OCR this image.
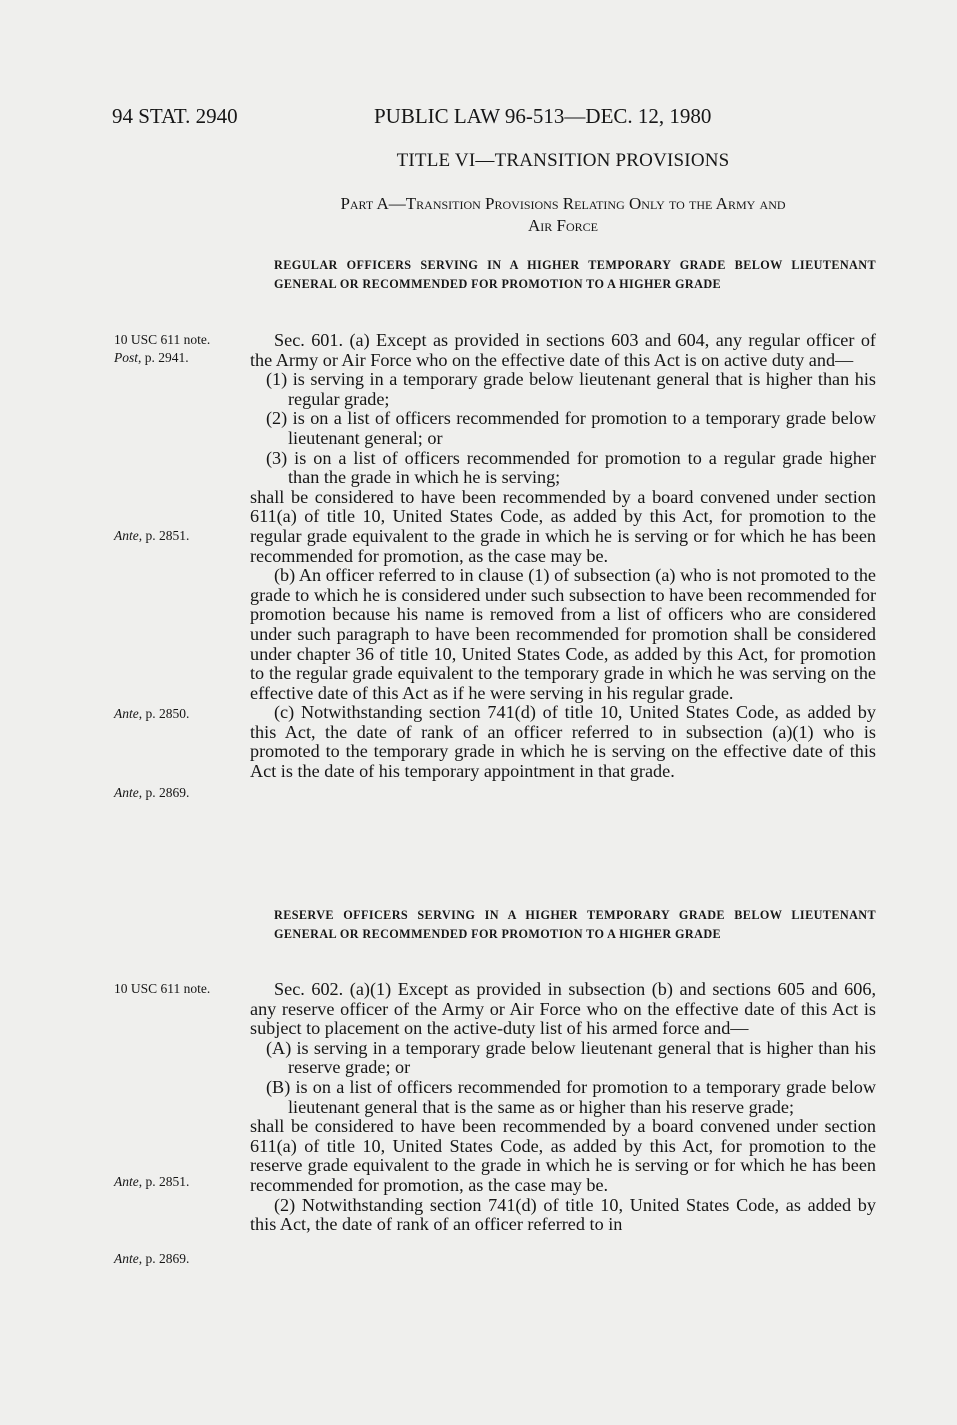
94 STAT. 2940	PUBLIC LAW 96-513—DEC. 12, 1980
TITLE VI—TRANSITION PROVISIONS
Part A—Transition Provisions Relating Only to the Army and
Air Force
REGULAR OFFICERS SERVING IN A HIGHER TEMPORARY GRADE BELOW LIEUTENANT GENERAL OR RECOMMENDED FOR PROMOTION TO A HIGHER GRADE
10 USC 611 note.
Post, p. 2941.

Sec. 601. (a) Except as provided in sections 603 and 604, any regular officer of the Army or Air Force who on the effective date of this Act is on active duty and—

(1) is serving in a temporary grade below lieutenant general that is higher than his regular grade;

(2) is on a list of officers recommended for promotion to a temporary grade below lieutenant general; or

(3) is on a list of officers recommended for promotion to a regular grade higher than the grade in which he is serving;

shall be considered to have been recommended by a board convened under section 611(a) of title 10, United States Code, as added by this Act, for promotion to the regular grade equivalent to the grade in which he is serving or for which he has been recommended for promotion, as the case may be.

(b) An officer referred to in clause (1) of subsection (a) who is not promoted to the grade to which he is considered under such subsection to have been recommended for promotion because his name is removed from a list of officers who are considered under such paragraph to have been recommended for promotion shall be considered under chapter 36 of title 10, United States Code, as added by this Act, for promotion to the regular grade equivalent to the temporary grade in which he was serving on the effective date of this Act as if he were serving in his regular grade.

(c) Notwithstanding section 741(d) of title 10, United States Code, as added by this Act, the date of rank of an officer referred to in subsection (a)(1) who is promoted to the temporary grade in which he is serving on the effective date of this Act is the date of his temporary appointment in that grade.

Ante, p. 2851.
Ante, p. 2850.
Ante, p. 2869.
RESERVE OFFICERS SERVING IN A HIGHER TEMPORARY GRADE BELOW LIEUTENANT GENERAL OR RECOMMENDED FOR PROMOTION TO A HIGHER GRADE
10 USC 611 note.	Sec. 602. (a)(1) Except as provided in subsection (b) and sections 605 and 606, any reserve officer of the Army or Air Force who on the effective date of this Act is subject to placement on the active-duty list of his armed force and—

(A) is serving in a temporary grade below lieutenant general that is higher than his reserve grade; or

(B) is on a list of officers recommended for promotion to a temporary grade below lieutenant general that is the same as or higher than his reserve grade;

shall be considered to have been recommended by a board convened under section 611(a) of title 10, United States Code, as added by this Act, for promotion to the reserve grade equivalent to the grade in which he is serving or for which he has been recommended for promotion, as the case may be.

(2) Notwithstanding section 741(d) of title 10, United States Code, as added by this Act, the date of rank of an officer referred to in

Ante, p. 2851.
Ante, p. 2869.
